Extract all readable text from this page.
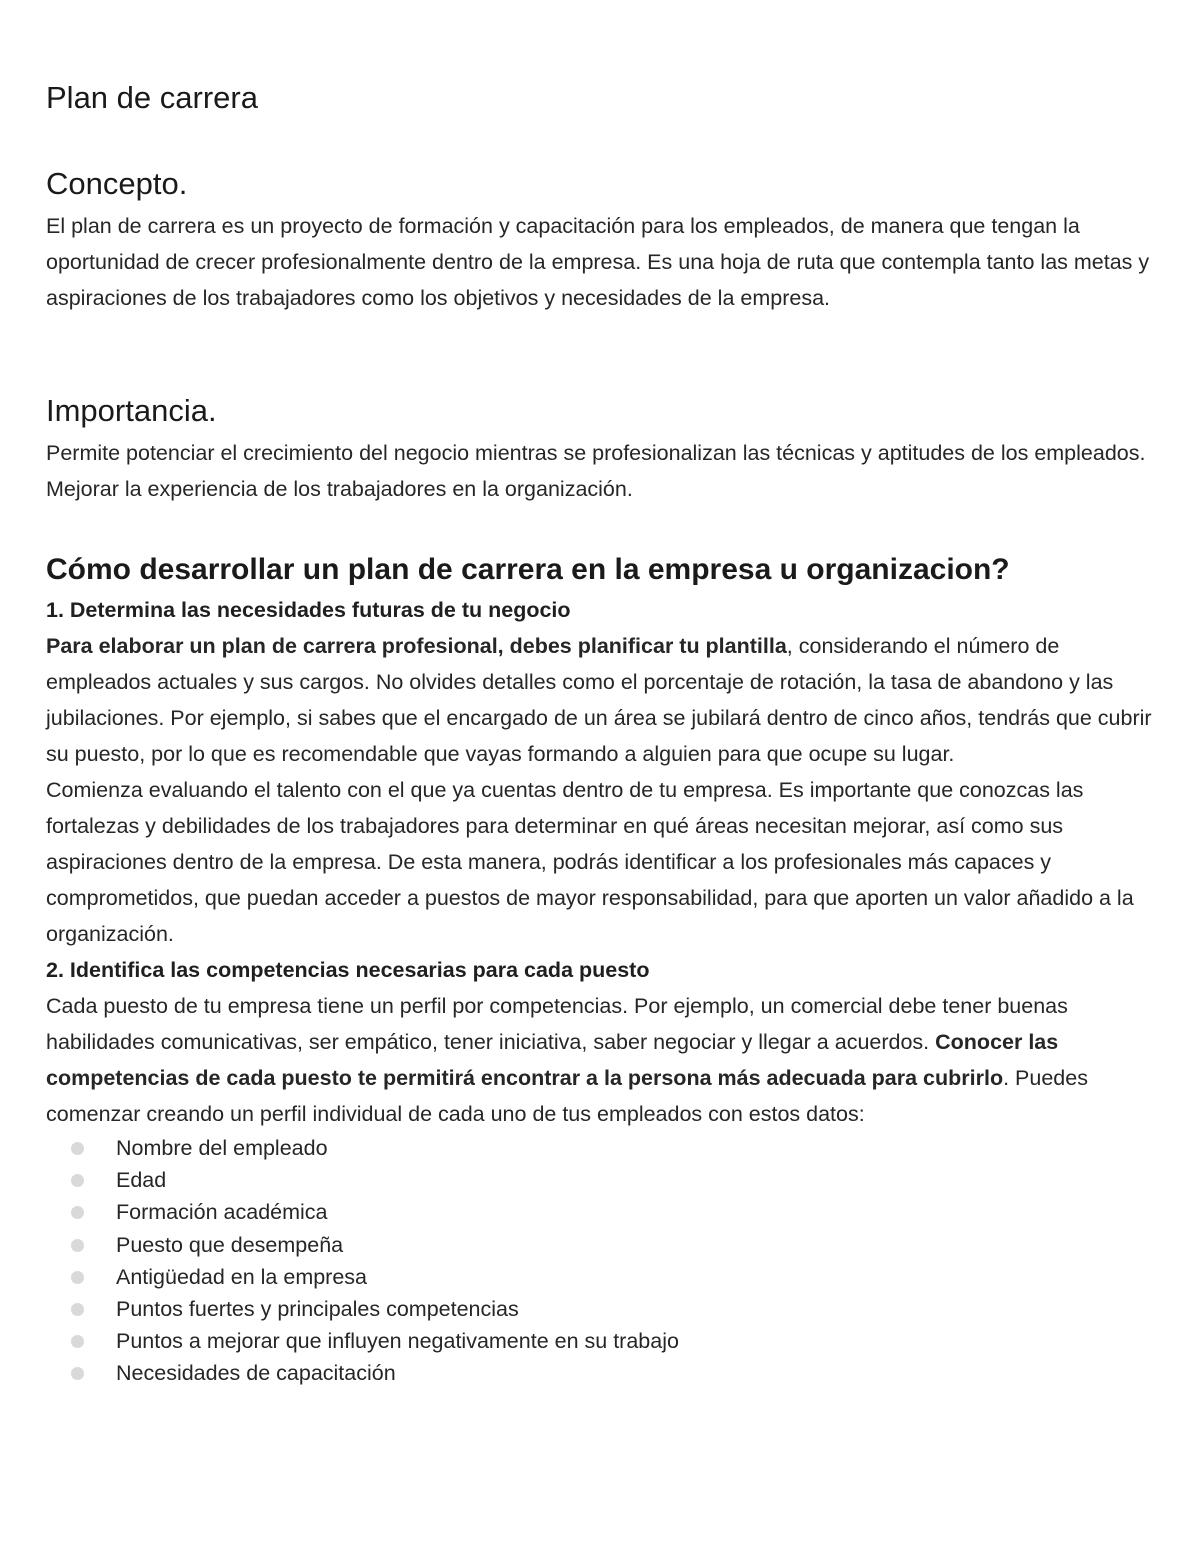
Plan de carrera
Concepto.

El plan de carrera es un proyecto de formación y capacitación para los empleados, de manera que tengan la oportunidad de crecer profesionalmente dentro de la empresa. Es una hoja de ruta que contempla tanto las metas y aspiraciones de los trabajadores como los objetivos y necesidades de la empresa.

Importancia.

Permite potenciar el crecimiento del negocio mientras se profesionalizan las técnicas y aptitudes de los empleados. Mejorar la experiencia de los trabajadores en la organización.

Cómo desarrollar un plan de carrera en la empresa u organizacion?
1. Determina las necesidades futuras de tu negocio

Para elaborar un plan de carrera profesional, debes planificar tu plantilla, considerando el número de empleados actuales y sus cargos. No olvides detalles como el porcentaje de rotación, la tasa de abandono y las jubilaciones. Por ejemplo, si sabes que el encargado de un área se jubilará dentro de cinco años, tendrás que cubrir su puesto, por lo que es recomendable que vayas formando a alguien para que ocupe su lugar.

Comienza evaluando el talento con el que ya cuentas dentro de tu empresa. Es importante que conozcas las fortalezas y debilidades de los trabajadores para determinar en qué áreas necesitan mejorar, así como sus aspiraciones dentro de la empresa. De esta manera, podrás identificar a los profesionales más capaces y comprometidos, que puedan acceder a puestos de mayor responsabilidad, para que aporten un valor añadido a la organización.

2. Identifica las competencias necesarias para cada puesto

Cada puesto de tu empresa tiene un perfil por competencias. Por ejemplo, un comercial debe tener buenas habilidades comunicativas, ser empático, tener iniciativa, saber negociar y llegar a acuerdos. Conocer las competencias de cada puesto te permitirá encontrar a la persona más adecuada para cubrirlo. Puedes comenzar creando un perfil individual de cada uno de tus empleados con estos datos:

Nombre del empleado
Edad
Formación académica
Puesto que desempeña
Antigüedad en la empresa
Puntos fuertes y principales competencias
Puntos a mejorar que influyen negativamente en su trabajo
Necesidades de capacitación
